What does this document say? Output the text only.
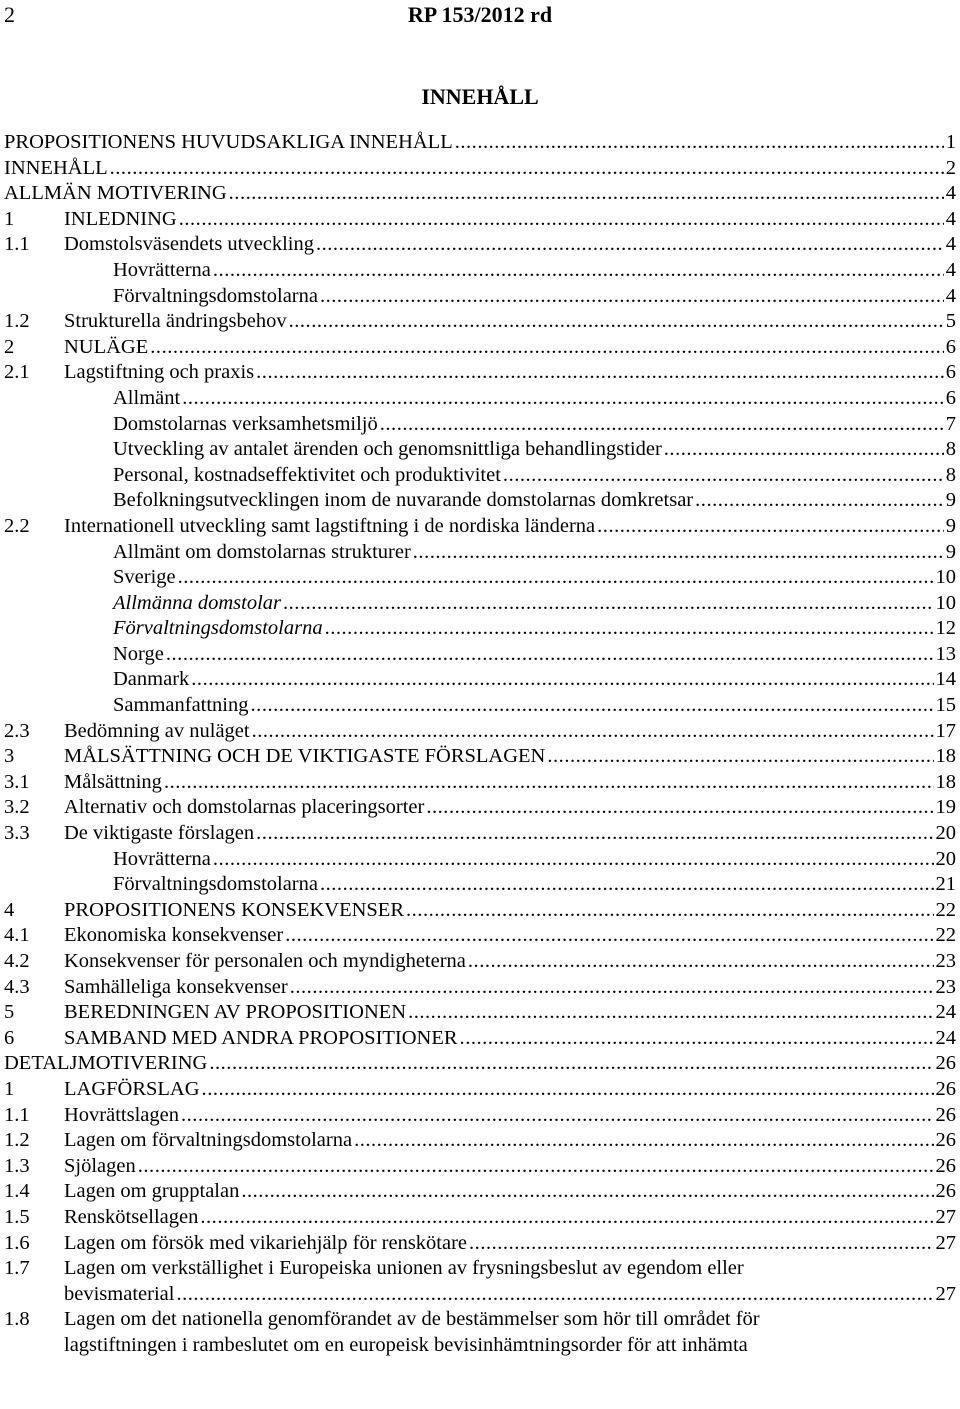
2	RP 153/2012 rd
INNEHÅLL
PROPOSITIONENS HUVUDSAKLIGA INNEHÅLL . . .	1
INNEHÅLL . . .	2
ALLMÄN MOTIVERING . . .	4
1 INLEDNING . . .	4
1.1 Domstolsväsendets utveckling . . .	4
Hovrätterna . . .	4
Förvaltningsdomstolarna . . .	4
1.2 Strukturella ändringsbehov . . .	5
2 NULÄGE . . .	6
2.1 Lagstiftning och praxis . . .	6
Allmänt . . .	6
Domstolarnas verksamhetsmiljö . . .	7
Utveckling av antalet ärenden och genomsnittliga behandlingstider . . .	8
Personal, kostnadseffektivitet och produktivitet . . .	8
Befolkningsutvecklingen inom de nuvarande domstolarnas domkretsar . . .	9
2.2 Internationell utveckling samt lagstiftning i de nordiska länderna . . .	9
Allmänt om domstolarnas strukturer . . .	9
Sverige . . .	10
Allmänna domstolar . . .	10
Förvaltningsdomstolarna . . .	12
Norge . . .	13
Danmark . . .	14
Sammanfattning . . .	15
2.3 Bedömning av nuläget . . .	17
3 MÅLSÄTTNING OCH DE VIKTIGASTE FÖRSLAGEN . . .	18
3.1 Målsättning . . .	18
3.2 Alternativ och domstolarnas placeringsorter . . .	19
3.3 De viktigaste förslagen . . .	20
Hovrätterna . . .	20
Förvaltningsdomstolarna . . .	21
4 PROPOSITIONENS KONSEKVENSER . . .	22
4.1 Ekonomiska konsekvenser . . .	22
4.2 Konsekvenser för personalen och myndigheterna . . .	23
4.3 Samhälleliga konsekvenser . . .	23
5 BEREDNINGEN AV PROPOSITIONEN . . .	24
6 SAMBAND MED ANDRA PROPOSITIONER . . .	24
DETALJMOTIVERING . . .	26
1 LAGFÖRSLAG . . .	26
1.1 Hovrättslagen . . .	26
1.2 Lagen om förvaltningsdomstolarna . . .	26
1.3 Sjölagen . . .	26
1.4 Lagen om grupptalan . . .	26
1.5 Renskötsellagen . . .	27
1.6 Lagen om försök med vikariehjälp för renskötare . . .	27
1.7 Lagen om verkställighet i Europeiska unionen av frysningsbeslut av egendom eller
bevismaterial . . .	27
1.8 Lagen om det nationella genomförandet av de bestämmelser som hör till området för
lagstiftningen i rambeslutet om en europeisk bevisinhämtningsorder för att inhämta
